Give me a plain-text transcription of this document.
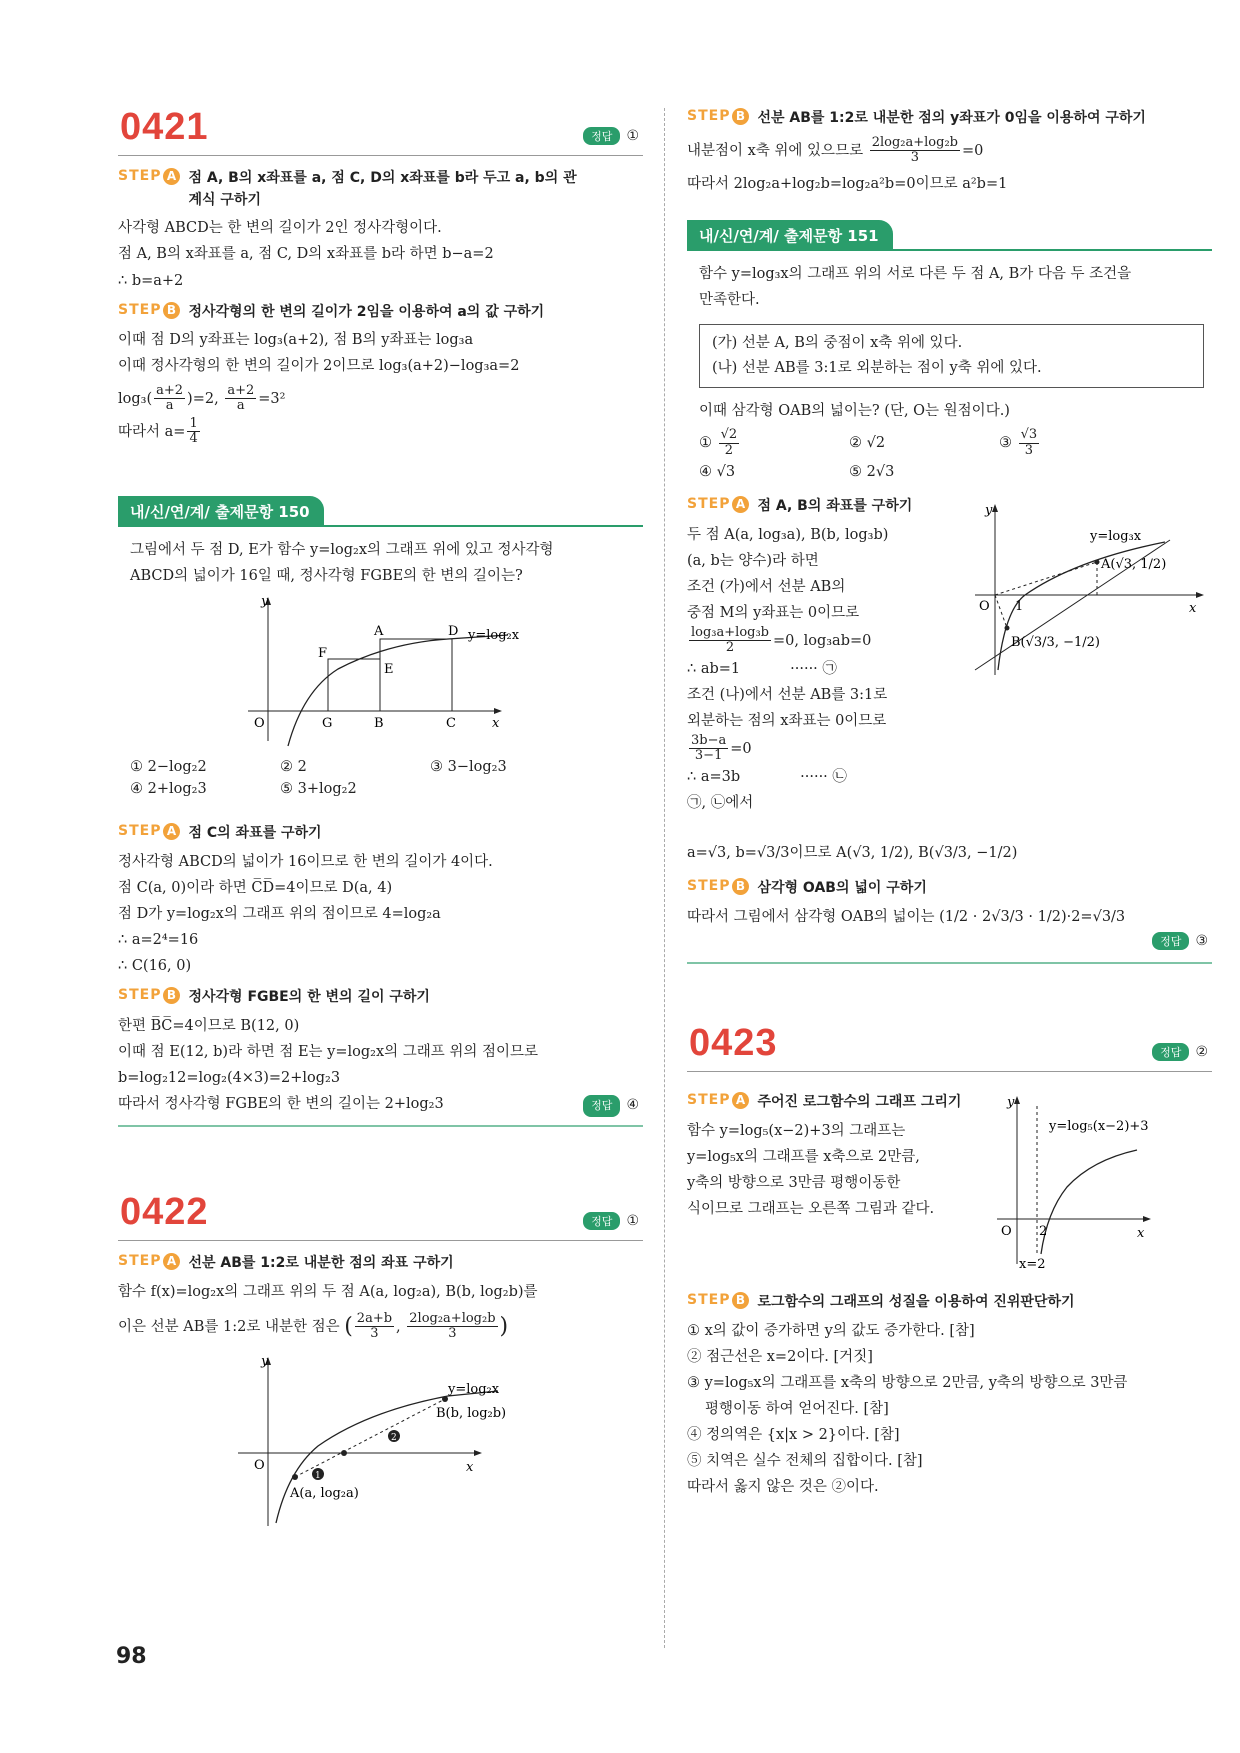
0421	정답	①
STEP A 점 A, B의 x좌표를 a, 점 C, D의 x좌표를 b라 두고 a, b의 관계식 구하기
사각형 ABCD는 한 변의 길이가 2인 정사각형이다.
점 A, B의 x좌표를 a, 점 C, D의 x좌표를 b라 하면 b−a=2
∴ b=a+2
STEP B 정사각형의 한 변의 길이가 2임을 이용하여 a의 값 구하기
이때 점 D의 y좌표는 log₃(a+2), 점 B의 y좌표는 log₃a
이때 정사각형의 한 변의 길이가 2이므로 log₃(a+2)−log₃a=2
$\log_3( \frac{a+2}{a} )=2$, $\frac{a+2}{a} =3^2$
따라서 $a= \frac{1}{4}$
내/신/연/계/ 출제문항 150
그림에서 두 점 D, E가 함수 y=log₂x의 그래프 위에 있고 정사각형
ABCD의 넓이가 16일 때, 정사각형 FGBE의 한 변의 길이는?
y
O	x
A	D y=log₂x
F
E
G	B	C
① 2−log₂2	② 2	③ 3−log₂3
④ 2+log₂3	⑤ 3+log₂2
STEP A 점 C의 좌표를 구하기
정사각형 ABCD의 넓이가 16이므로 한 변의 길이가 4이다.
점 C(a, 0)이라 하면 C̅D̅=4이므로 D(a, 4)
점 D가 y=log₂x의 그래프 위의 점이므로 4=log₂a
∴ a=2⁴=16
∴ C(16, 0)
STEP B 정사각형 FGBE의 한 변의 길이 구하기
한편 B̅C̅=4이므로 B(12, 0)
이때 점 E(12, b)라 하면 점 E는 y=log₂x의 그래프 위의 점이므로
b=log₂12=log₂(4×3)=2+log₂3
따라서 정사각형 FGBE의 한 변의 길이는 2+log₂3	정답	④
0422	정답	①
STEP A 선분 AB를 1:2로 내분한 점의 좌표 구하기
함수 f(x)=log₂x의 그래프 위의 두 점 A(a, log₂a), B(b, log₂b)를
이은 선분 AB를 1:2로 내분한 점은 ( $\frac{2a+b}{3}$ , $\frac{\text{2log₂a+log₂b}}{3}$ )
1
2
y
O	x
y=log₂x
B(b, log₂b)
A(a, log₂a)
STEP B 선분 AB를 1:2로 내분한 점의 y좌표가 0임을 이용하여 구하기
내분점이 x축 위에 있으므로 $\frac{\text{2log₂a+log₂b}}{3} =0$
따라서 2log₂a+log₂b=log₂a²b=0이므로 a²b=1
내/신/연/계/ 출제문항 151
함수 y=log₃x의 그래프 위의 서로 다른 두 점 A, B가 다음 두 조건을
만족한다.
(가) 선분 A, B의 중점이 x축 위에 있다.
(나) 선분 AB를 3:1로 외분하는 점이 y축 위에 있다.
이때 삼각형 OAB의 넓이는? (단, O는 원점이다.)
① $\frac{√2}{2}$	② √2	③ $\frac{√3}{3}$
④ √3	⑤ 2√3
STEP A 점 A, B의 좌표를 구하기
두 점 A(a, log₃a), B(b, log₃b)
(a, b는 양수)라 하면
조건 (가)에서 선분 AB의
중점 M의 y좌표는 0이므로
$\frac{\text{log₃a+log₃b}}{2} =0$, log₃ab=0
∴ ab=1	······ ㉠
조건 (나)에서 선분 AB를 3:1로
외분하는 점의 x좌표는 0이므로
$\frac{3b-a}{3-1} =0$
∴ a=3b	······ ㉡
㉠, ㉡에서
y
O 1	x
y=log₃x
A(√3, 1/2)
B(√3/3, −1/2)
a=√3, b=√3/3이므로 A(√3, 1/2), B(√3/3, −1/2)
STEP B 삼각형 OAB의 넓이 구하기
따라서 그림에서 삼각형 OAB의 넓이는 (1/2 · 2√3/3 · 1/2)·2=√3/3
정답	③
0423	정답	②
STEP A 주어진 로그함수의 그래프 그리기
함수 y=log₅(x−2)+3의 그래프는
y=log₅x의 그래프를 x축으로 2만큼,
y축의 방향으로 3만큼 평행이동한
식이므로 그래프는 오른쪽 그림과 같다.
y
O 2	x
y=log₅(x−2)+3
x=2
STEP B 로그함수의 그래프의 성질을 이용하여 진위판단하기
① x의 값이 증가하면 y의 값도 증가한다. [참]
② 점근선은 x=2이다. [거짓]
③ y=log₅x의 그래프를 x축의 방향으로 2만큼, y축의 방향으로 3만큼
평행이동 하여 얻어진다. [참]
④ 정의역은 {x|x > 2}이다. [참]
⑤ 치역은 실수 전체의 집합이다. [참]
따라서 옳지 않은 것은 ②이다.
98
